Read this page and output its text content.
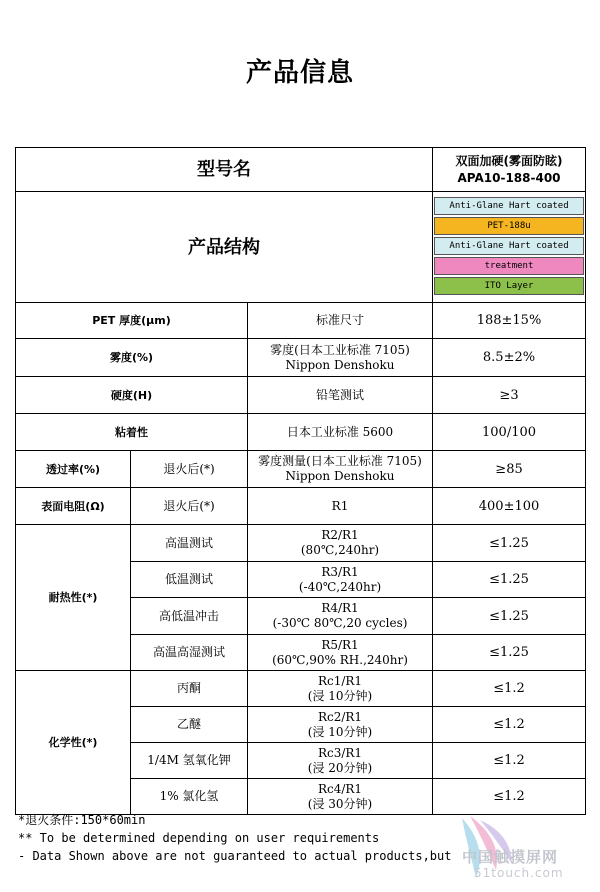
产品信息
型号名			双面加硬(雾面防眩)
APA10-188-400

产品结构			Anti-Glane Hart coated
PET-188u
Anti-Glane Hart coated
treatment
ITO Layer

PET 厚度(μm)		标准尺寸	188±15%
雾度(%)		雾度(日本工业标准 7105)
Nippon Denshoku	8.5±2%
硬度(H)		铅笔测试	≥3
粘着性		日本工业标准 5600	100/100
透过率(%)	退火后(*)	雾度测量(日本工业标准 7105)
Nippon Denshoku	≥85
表面电阻(Ω)	退火后(*)	R1	400±100
耐热性(*)	高温测试	R2/R1
(80℃,240hr)	≤1.25
	低温测试	R3/R1
(-40℃,240hr)	≤1.25
	高低温冲击	R4/R1
(-30℃ 80℃,20 cycles)	≤1.25
	高温高湿测试	R5/R1
(60℃,90% RH.,240hr)	≤1.25
化学性(*)	丙酮	Rc1/R1
(浸 10分钟)	≤1.2
	乙醚	Rc2/R1
(浸 10分钟)	≤1.2
	1/4M 氢氧化钾	Rc3/R1
(浸 20分钟)	≤1.2
	1% 氯化氢	Rc4/R1
(浸 30分钟)	≤1.2
*退火条件:150*60min
** To be determined depending on user requirements
- Data Shown above are not guaranteed to actual products,but 中国触摸屏网
51touch.com
